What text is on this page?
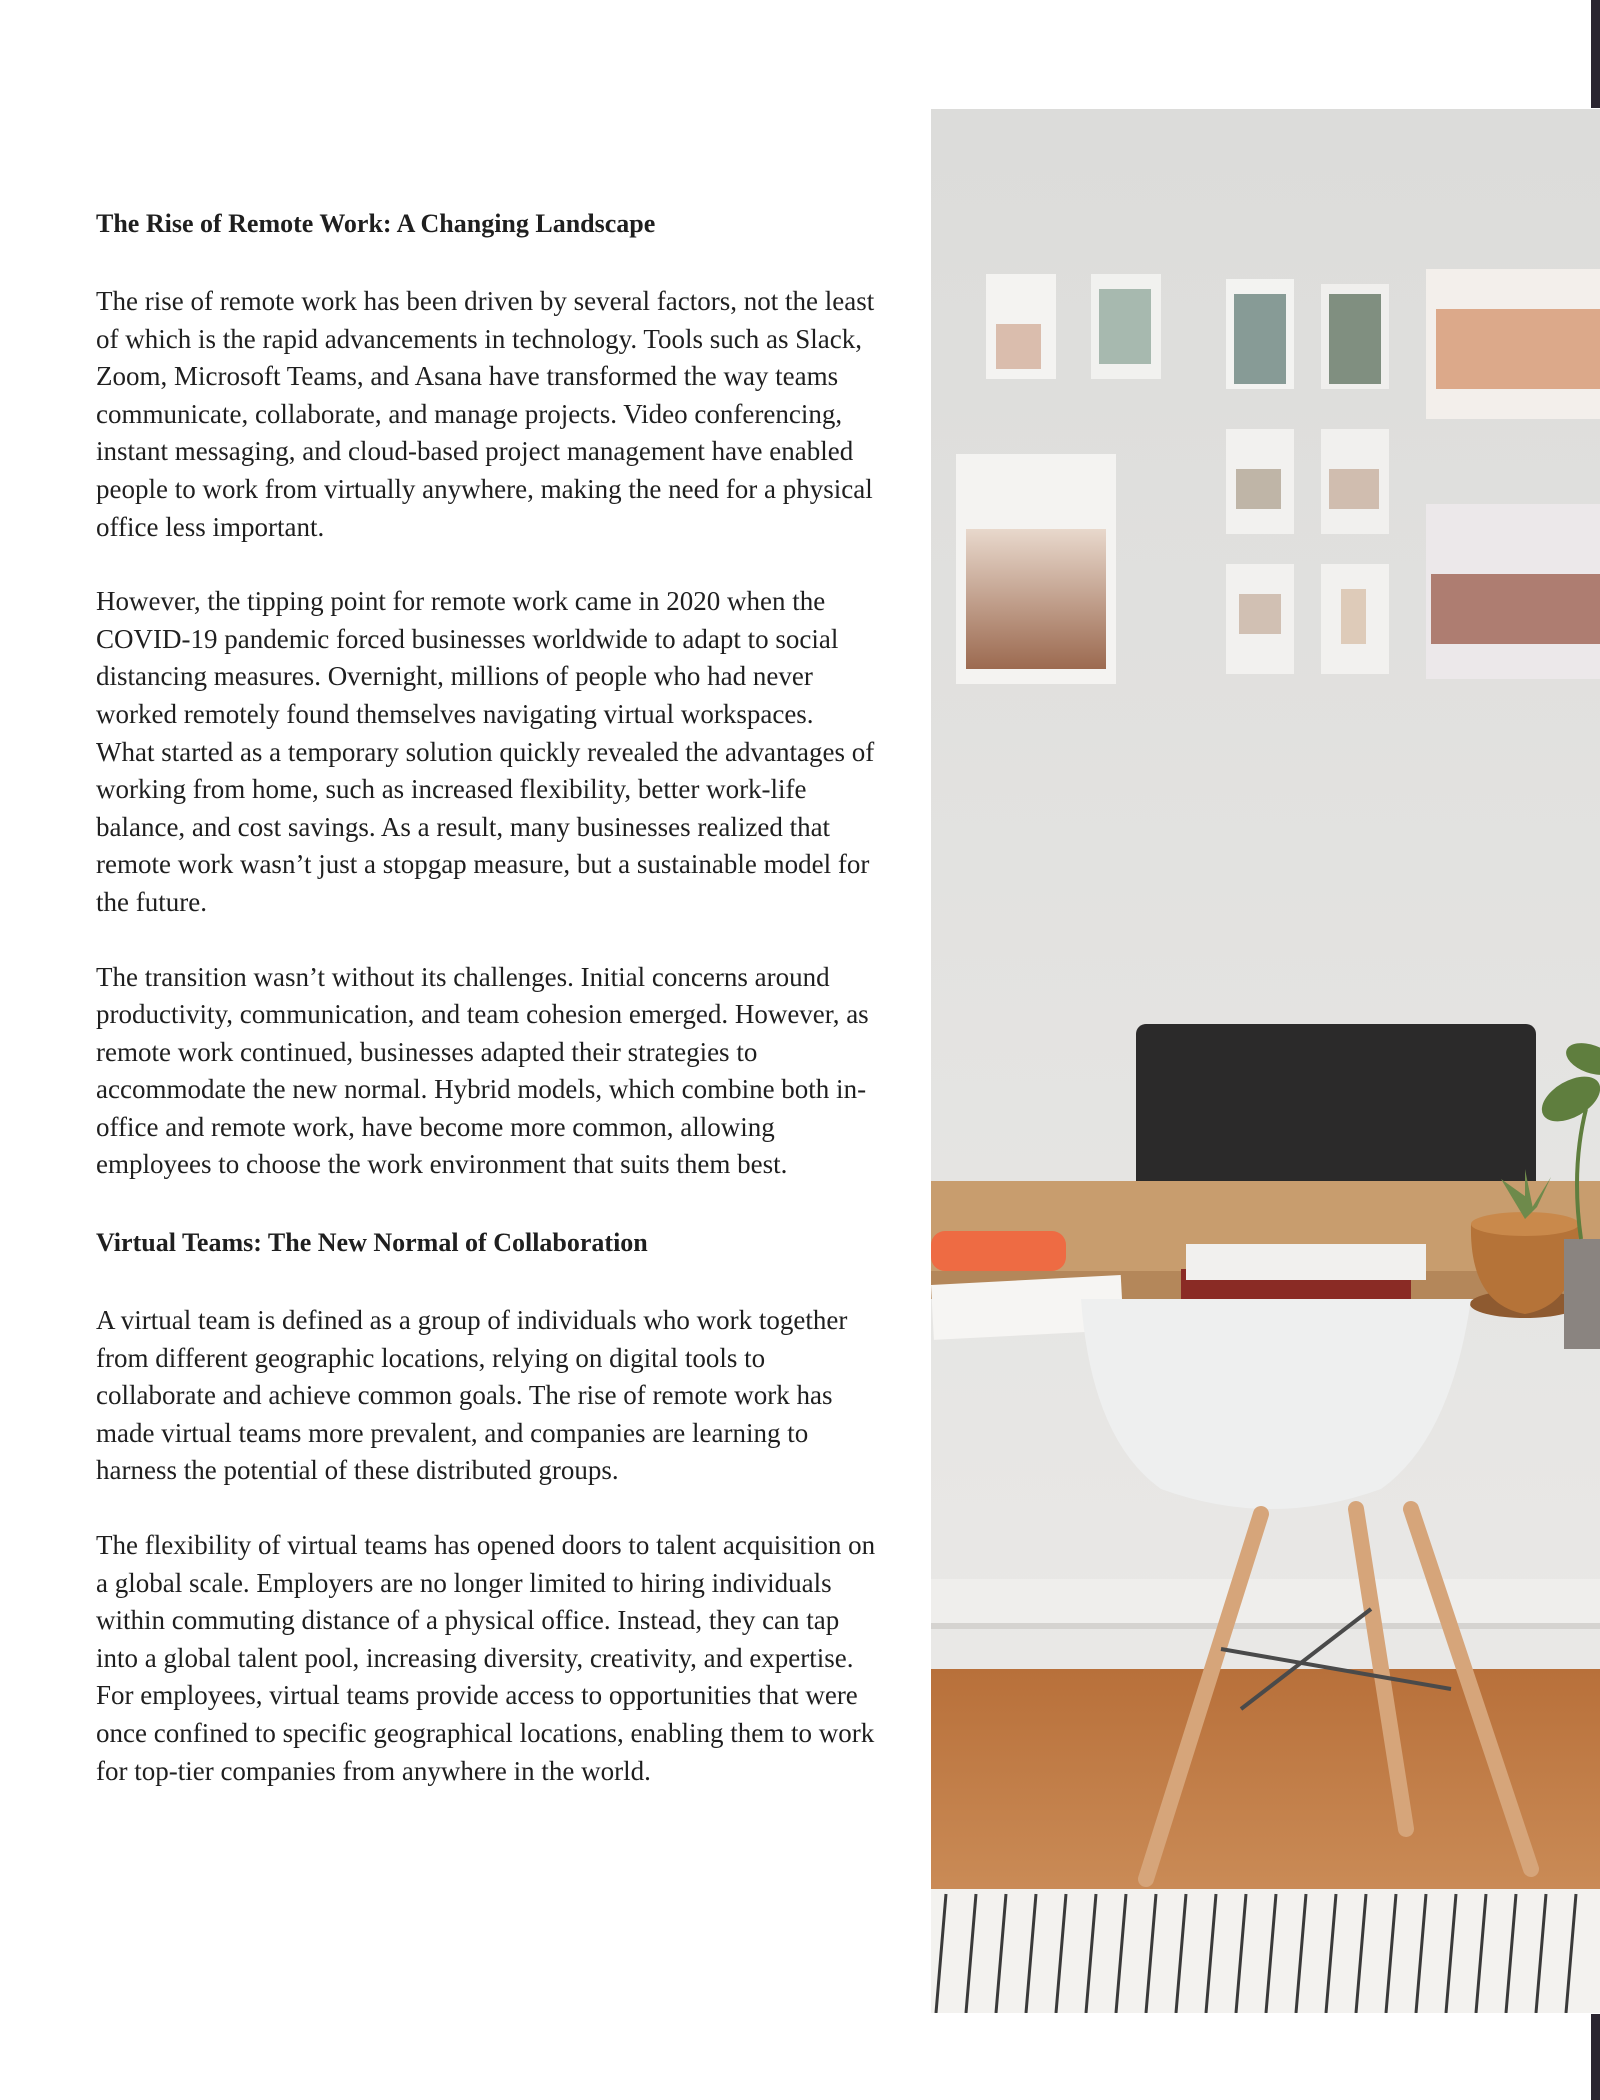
The Rise of Remote Work: A Changing Landscape

The rise of remote work has been driven by several factors, not the least of which is the rapid advancements in technology. Tools such as Slack, Zoom, Microsoft Teams, and Asana have transformed the way teams communicate, collaborate, and manage projects. Video conferencing, instant messaging, and cloud-based project management have enabled people to work from virtually anywhere, making the need for a physical office less important.

However, the tipping point for remote work came in 2020 when the COVID-19 pandemic forced businesses worldwide to adapt to social distancing measures. Overnight, millions of people who had never worked remotely found themselves navigating virtual workspaces. What started as a temporary solution quickly revealed the advantages of working from home, such as increased flexibility, better work-life balance, and cost savings. As a result, many businesses realized that remote work wasn’t just a stopgap measure, but a sustainable model for the future.

The transition wasn’t without its challenges. Initial concerns around productivity, communication, and team cohesion emerged. However, as remote work continued, businesses adapted their strategies to accommodate the new normal. Hybrid models, which combine both in-office and remote work, have become more common, allowing employees to choose the work environment that suits them best.

Virtual Teams: The New Normal of Collaboration

A virtual team is defined as a group of individuals who work together from different geographic locations, relying on digital tools to collaborate and achieve common goals. The rise of remote work has made virtual teams more prevalent, and companies are learning to harness the potential of these distributed groups.

The flexibility of virtual teams has opened doors to talent acquisition on a global scale. Employers are no longer limited to hiring individuals within commuting distance of a physical office. Instead, they can tap into a global talent pool, increasing diversity, creativity, and expertise. For employees, virtual teams provide access to opportunities that were once confined to specific geographical locations, enabling them to work for top-tier companies from anywhere in the world.
